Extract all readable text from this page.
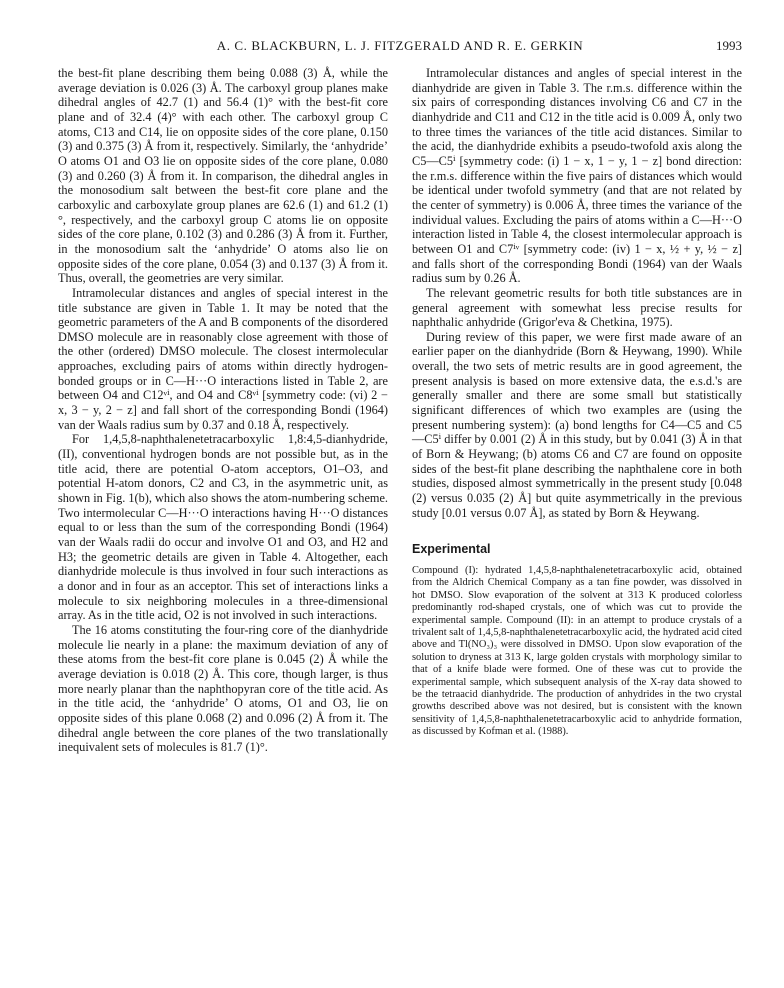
A. C. BLACKBURN, L. J. FITZGERALD AND R. E. GERKIN	1993

the best-fit plane describing them being 0.088 (3) Å, while the average deviation is 0.026 (3) Å. The carboxyl group planes make dihedral angles of 42.7 (1) and 56.4 (1)° with the best-fit core plane and of 32.4 (4)° with each other. The carboxyl group C atoms, C13 and C14, lie on opposite sides of the core plane, 0.150 (3) and 0.375 (3) Å from it, respectively. Similarly, the ‘anhydride’ O atoms O1 and O3 lie on opposite sides of the core plane, 0.080 (3) and 0.260 (3) Å from it. In comparison, the dihedral angles in the monosodium salt between the best-fit core plane and the carboxylic and carboxylate group planes are 62.6 (1) and 61.2 (1)°, respectively, and the carboxyl group C atoms lie on opposite sides of the core plane, 0.102 (3) and 0.286 (3) Å from it. Further, in the monosodium salt the ‘anhydride’ O atoms also lie on opposite sides of the core plane, 0.054 (3) and 0.137 (3) Å from it. Thus, overall, the geometries are very similar.

Intramolecular distances and angles of special interest in the title substance are given in Table 1. It may be noted that the geometric parameters of the A and B components of the disordered DMSO molecule are in reasonably close agreement with those of the other (ordered) DMSO molecule. The closest intermolecular approaches, excluding pairs of atoms within directly hydrogen-bonded groups or in C—H···O interactions listed in Table 2, are between O4 and C12ᵛⁱ, and O4 and C8ᵛⁱ [symmetry code: (vi) 2 − x, 3 − y, 2 − z] and fall short of the corresponding Bondi (1964) van der Waals radius sum by 0.37 and 0.18 Å, respectively.

For 1,4,5,8-naphthalenetetracarboxylic 1,8:4,5-dianhydride, (II), conventional hydrogen bonds are not possible but, as in the title acid, there are potential O-atom acceptors, O1–O3, and potential H-atom donors, C2 and C3, in the asymmetric unit, as shown in Fig. 1(b), which also shows the atom-numbering scheme. Two intermolecular C—H···O interactions having H···O distances equal to or less than the sum of the corresponding Bondi (1964) van der Waals radii do occur and involve O1 and O3, and H2 and H3; the geometric details are given in Table 4. Altogether, each dianhydride molecule is thus involved in four such interactions as a donor and in four as an acceptor. This set of interactions links a molecule to six neighboring molecules in a three-dimensional array. As in the title acid, O2 is not involved in such interactions.

The 16 atoms constituting the four-ring core of the dianhydride molecule lie nearly in a plane: the maximum deviation of any of these atoms from the best-fit core plane is 0.045 (2) Å while the average deviation is 0.018 (2) Å. This core, though larger, is thus more nearly planar than the naphthopyran core of the title acid. As in the title acid, the ‘anhydride’ O atoms, O1 and O3, lie on opposite sides of this plane 0.068 (2) and 0.096 (2) Å from it. The dihedral angle between the core planes of the two translationally inequivalent sets of molecules is 81.7 (1)°.

Intramolecular distances and angles of special interest in the dianhydride are given in Table 3. The r.m.s. difference within the six pairs of corresponding distances involving C6 and C7 in the dianhydride and C11 and C12 in the title acid is 0.009 Å, only two to three times the variances of the title acid distances. Similar to the acid, the dianhydride exhibits a pseudo-twofold axis along the C5—C5ⁱ [symmetry code: (i) 1 − x, 1 − y, 1 − z] bond direction: the r.m.s. difference within the five pairs of distances which would be identical under twofold symmetry (and that are not related by the center of symmetry) is 0.006 Å, three times the variance of the individual values. Excluding the pairs of atoms within a C—H···O interaction listed in Table 4, the closest intermolecular approach is between O1 and C7ⁱᵛ [symmetry code: (iv) 1 − x, ½ + y, ½ − z] and falls short of the corresponding Bondi (1964) van der Waals radius sum by 0.26 Å.

The relevant geometric results for both title substances are in general agreement with somewhat less precise results for naphthalic anhydride (Grigor'eva & Chetkina, 1975).

During review of this paper, we were first made aware of an earlier paper on the dianhydride (Born & Heywang, 1990). While overall, the two sets of metric results are in good agreement, the present analysis is based on more extensive data, the e.s.d.'s are generally smaller and there are some small but statistically significant differences of which two examples are (using the present numbering system): (a) bond lengths for C4—C5 and C5—C5ⁱ differ by 0.001 (2) Å in this study, but by 0.041 (3) Å in that of Born & Heywang; (b) atoms C6 and C7 are found on opposite sides of the best-fit plane describing the naphthalene core in both studies, disposed almost symmetrically in the present study [0.048 (2) versus 0.035 (2) Å] but quite asymmetrically in the previous study [0.01 versus 0.07 Å], as stated by Born & Heywang.

Experimental

Compound (I): hydrated 1,4,5,8-naphthalenetetracarboxylic acid, obtained from the Aldrich Chemical Company as a tan fine powder, was dissolved in hot DMSO. Slow evaporation of the solvent at 313 K produced colorless predominantly rod-shaped crystals, one of which was cut to provide the experimental sample. Compound (II): in an attempt to produce crystals of a trivalent salt of 1,4,5,8-naphthalenetetracarboxylic acid, the hydrated acid cited above and Tl(NO₃)₃ were dissolved in DMSO. Upon slow evaporation of the solution to dryness at 313 K, large golden crystals with morphology similar to that of a knife blade were formed. One of these was cut to provide the experimental sample, which subsequent analysis of the X-ray data showed to be the tetraacid dianhydride. The production of anhydrides in the two crystal growths described above was not desired, but is consistent with the known sensitivity of 1,4,5,8-naphthalenetetracarboxylic acid to anhydride formation, as discussed by Kofman et al. (1988).
